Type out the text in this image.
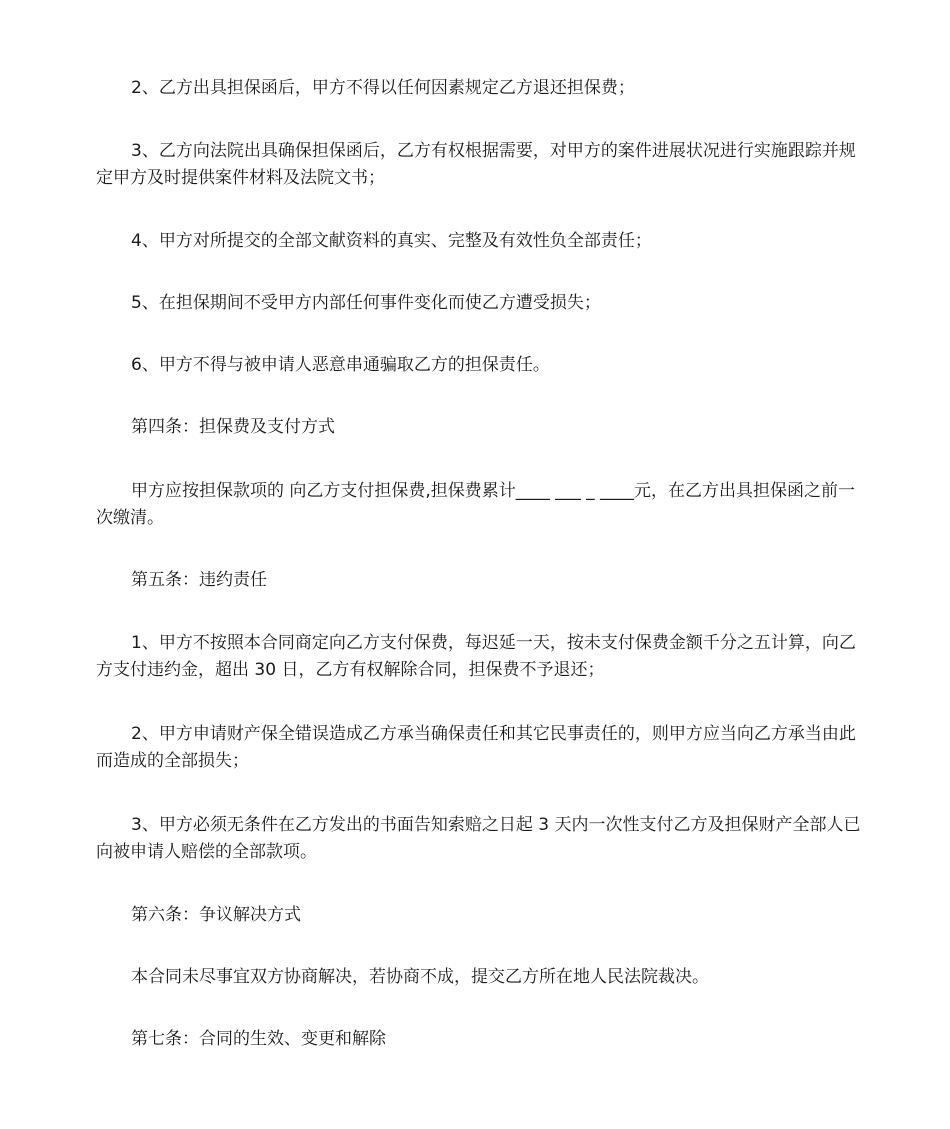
2、乙方出具担保函后，甲方不得以任何因素规定乙方退还担保费；

3、乙方向法院出具确保担保函后，乙方有权根据需要，对甲方的案件进展状况进行实施跟踪并规定甲方及时提供案件材料及法院文书；

4、甲方对所提交的全部文献资料的真实、完整及有效性负全部责任；

5、在担保期间不受甲方内部任何事件变化而使乙方遭受损失；

6、甲方不得与被申请人恶意串通骗取乙方的担保责任。

第四条：担保费及支付方式

甲方应按担保款项的 向乙方支付担保费,担保费累计____ ___ _ ____元，在乙方出具担保函之前一次缴清。

第五条：违约责任

1、甲方不按照本合同商定向乙方支付保费，每迟延一天，按未支付保费金额千分之五计算，向乙方支付违约金，超出 30 日，乙方有权解除合同，担保费不予退还；

2、甲方申请财产保全错误造成乙方承当确保责任和其它民事责任的，则甲方应当向乙方承当由此而造成的全部损失；

3、甲方必须无条件在乙方发出的书面告知索赔之日起 3 天内一次性支付乙方及担保财产全部人已向被申请人赔偿的全部款项。

第六条：争议解决方式

本合同未尽事宜双方协商解决，若协商不成，提交乙方所在地人民法院裁决。

第七条：合同的生效、变更和解除
